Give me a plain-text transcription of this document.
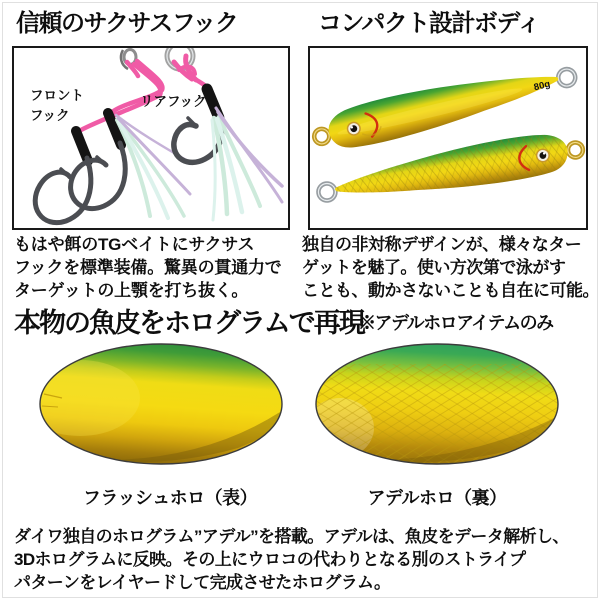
信頼のサクサスフック	コンパクト設計ボディ
フロント
フック
リアフック
80g
もはや餌のTGベイトにサクサス
フックを標準装備。驚異の貫通力で
ターゲットの上顎を打ち抜く。
独自の非対称デザインが、様々なター
ゲットを魅了。使い方次第で泳がす
ことも、動かさないことも自在に可能。
本物の魚皮をホログラムで再現
※アデルホロアイテムのみ
フラッシュホロ（表）	アデルホロ（裏）
ダイワ独自のホログラム”アデル”を搭載。アデルは、魚皮をデータ解析し、
3Dホログラムに反映。その上にウロコの代わりとなる別のストライプ
パターンをレイヤードして完成させたホログラム。
